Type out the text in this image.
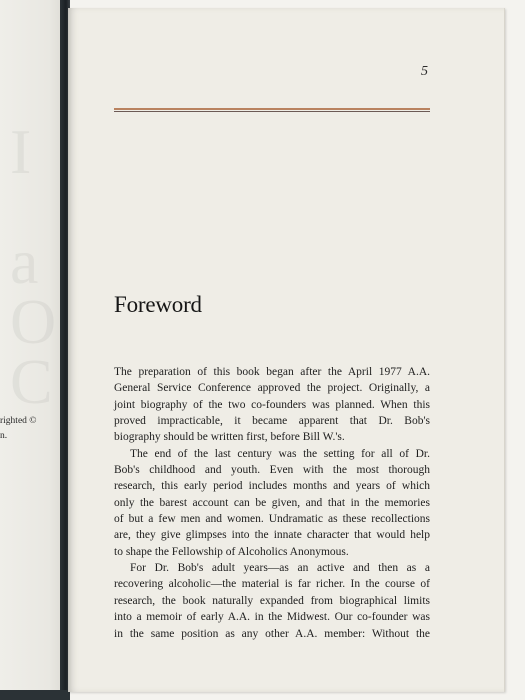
I
a
O
C
righted ©
n.

5

Foreword
The preparation of this book began after the April 1977 A.A.
General Service Conference approved the project. Originally, a
joint biography of the two co-founders was planned. When this
proved impracticable, it became apparent that Dr. Bob's
biography should be written first, before Bill W.'s.
The end of the last century was the setting for all of Dr.
Bob's childhood and youth. Even with the most thorough
research, this early period includes months and years of which
only the barest account can be given, and that in the memories
of but a few men and women. Undramatic as these recollections
are, they give glimpses into the innate character that would help
to shape the Fellowship of Alcoholics Anonymous.
For Dr. Bob's adult years—as an active and then as a
recovering alcoholic—the material is far richer. In the course of
research, the book naturally expanded from biographical limits
into a memoir of early A.A. in the Midwest. Our co-founder was
in the same position as any other A.A. member: Without the
